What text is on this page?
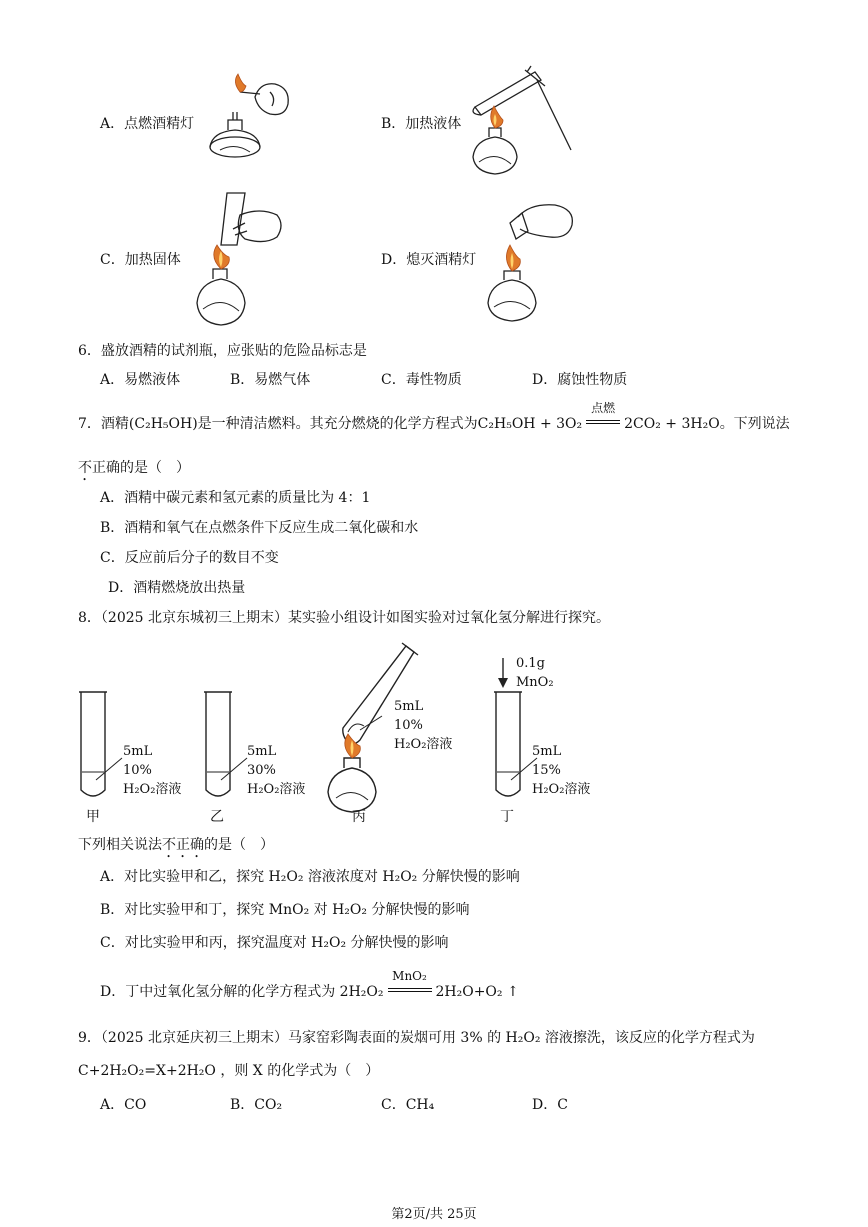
A．点燃酒精灯	B．加热液体
C．加热固体	D．熄灭酒精灯
6．盛放酒精的试剂瓶，应张贴的危险品标志是
A．易燃液体	B．易燃气体	C．毒性物质	D．腐蚀性物质
7．酒精(C₂H₅OH)是一种清洁燃料。其充分燃烧的化学方程式为C₂H₅OH + 3O₂
点燃
2CO₂ + 3H₂O。下列说法
不正确的是（　）
A．酒精中碳元素和氢元素的质量比为 4：1
B．酒精和氧气在点燃条件下反应生成二氧化碳和水
C．反应前后分子的数目不变
D．酒精燃烧放出热量
8．（2025 北京东城初三上期末）某实验小组设计如图实验对过氧化氢分解进行探究。
5mL
10%
H₂O₂溶液
5mL
30%
H₂O₂溶液
5mL
10%
H₂O₂溶液	5mL
15%
H₂O₂溶液
0.1g
MnO₂
甲	乙	丙	丁
下列相关说法不正确的是（　）
A．对比实验甲和乙，探究 H₂O₂ 溶液浓度对 H₂O₂ 分解快慢的影响
B．对比实验甲和丁，探究 MnO₂ 对 H₂O₂ 分解快慢的影响
C．对比实验甲和丙，探究温度对 H₂O₂ 分解快慢的影响
D．丁中过氧化氢分解的化学方程式为 2H₂O₂
MnO₂
2H₂O+O₂ ↑
9．（2025 北京延庆初三上期末）马家窑彩陶表面的炭烟可用 3% 的 H₂O₂ 溶液擦洗，该反应的化学方程式为
C+2H₂O₂=X+2H₂O ，则 X 的化学式为（　）
A．CO	B．CO₂	C．CH₄	D．C
第2页/共 25页
